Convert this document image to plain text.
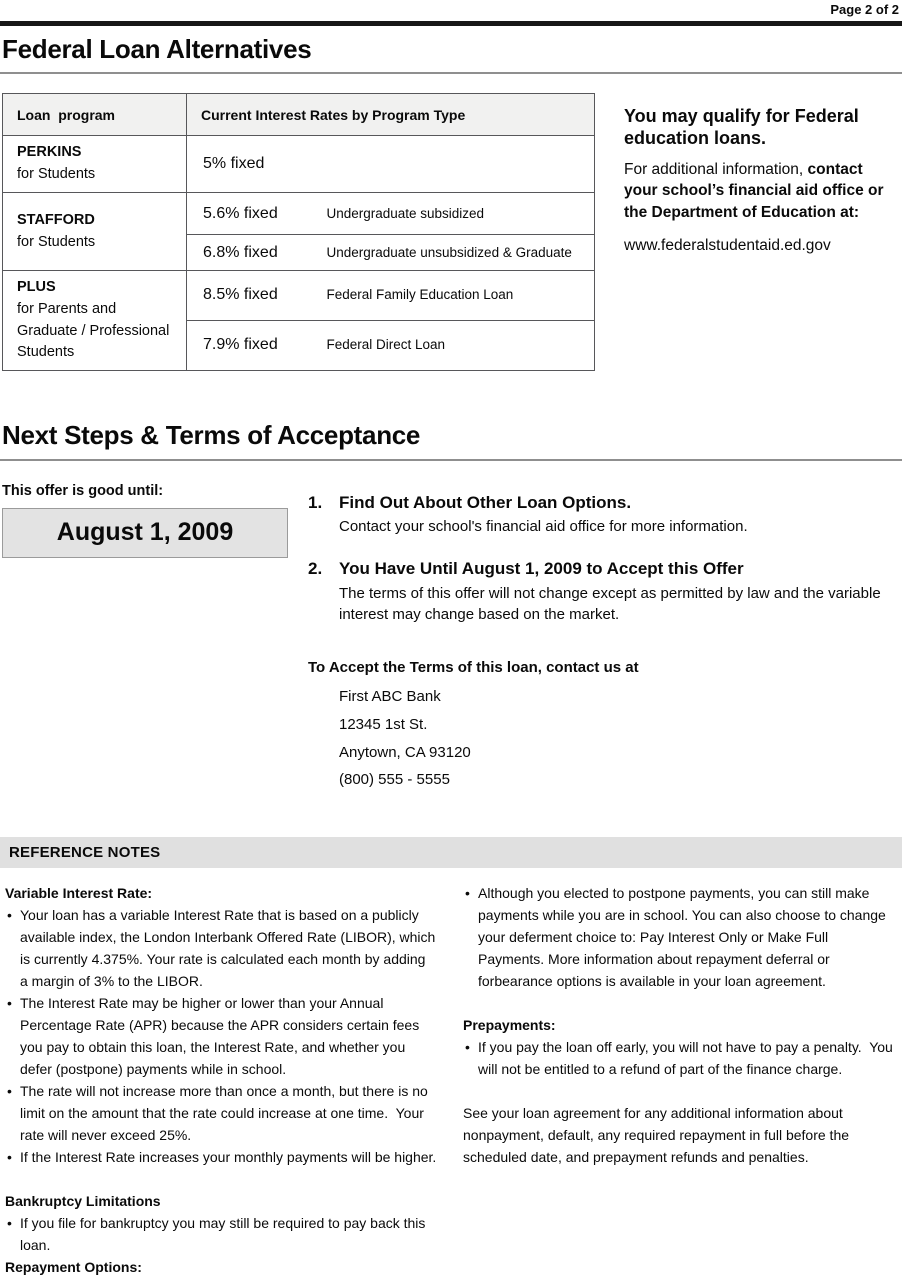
Page 2 of 2
Federal Loan Alternatives
Loan  program	Current Interest Rates by Program Type

PERKINS
for Students	5% fixed

STAFFORD
for Students	5.6% fixed Undergraduate subsidized
	6.8% fixed Undergraduate unsubsidized & Graduate

PLUS
for Parents and Graduate / Professional Students	8.5% fixed Federal Family Education Loan
	7.9% fixed Federal Direct Loan
You may qualify for Federal education loans.

For additional information, contact your school’s financial aid office or the Department of Education at:

www.federalstudentaid.ed.gov
Next Steps & Terms of Acceptance
This offer is good until:
August 1, 2009
1. Find Out About Other Loan Options.
Contact your school's financial aid office for more information.
2. You Have Until August 1, 2009 to Accept this Offer
The terms of this offer will not change except as permitted by law and the variable interest may change based on the market.
To Accept the Terms of this loan, contact us at
First ABC Bank
12345 1st St.
Anytown, CA 93120
(800) 555 - 5555
REFERENCE NOTES
Variable Interest Rate:
• Your loan has a variable Interest Rate that is based on a publicly available index, the London Interbank Offered Rate (LIBOR), which is currently 4.375%. Your rate is calculated each month by adding a margin of 3% to the LIBOR.
• The Interest Rate may be higher or lower than your Annual Percentage Rate (APR) because the APR considers certain fees you pay to obtain this loan, the Interest Rate, and whether you defer (postpone) payments while in school.
• The rate will not increase more than once a month, but there is no limit on the amount that the rate could increase at one time.  Your rate will never exceed 25%.
• If the Interest Rate increases your monthly payments will be higher.
Bankruptcy Limitations
• If you file for bankruptcy you may still be required to pay back this loan.
Repayment Options:
• Although you elected to postpone payments, you can still make payments while you are in school. You can also choose to change your deferment choice to: Pay Interest Only or Make Full Payments. More information about repayment deferral or forbearance options is available in your loan agreement.
Prepayments:
• If you pay the loan off early, you will not have to pay a penalty.  You will not be entitled to a refund of part of the finance charge.
See your loan agreement for any additional information about nonpayment, default, any required repayment in full before the scheduled date, and prepayment refunds and penalties.
